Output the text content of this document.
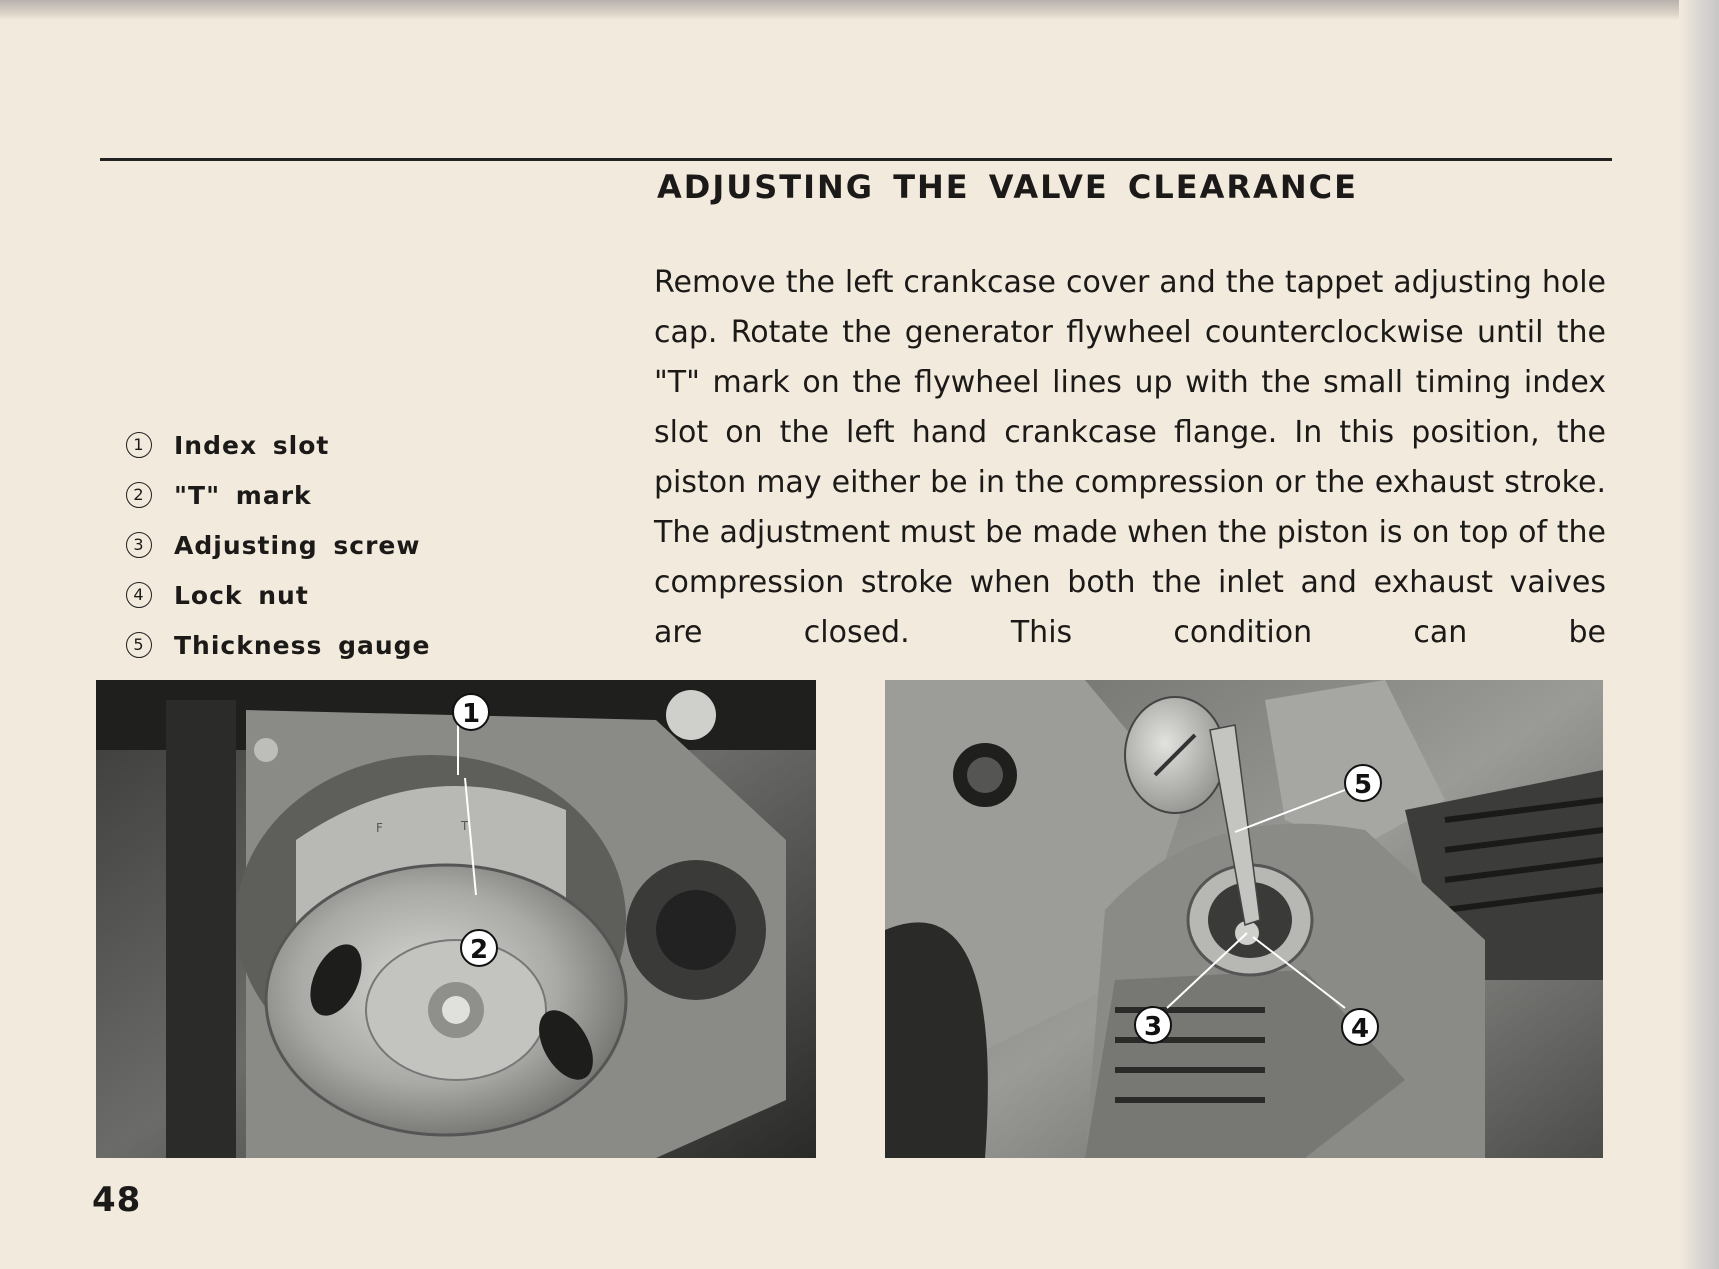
ADJUSTING THE VALVE CLEARANCE

Remove the left crankcase cover and the tappet adjusting hole cap. Rotate the generator flywheel counterclockwise until the "T" mark on the flywheel lines up with the small timing index slot on the left hand crankcase flange. In this position, the piston may either be in the compression or the exhaust stroke. The adjustment must be made when the piston is on top of the compression stroke when both the inlet and exhaust vaives are closed. This condition can be

1 Index slot
2 "T" mark
3 Adjusting screw
4 Lock nut
5 Thickness gauge
T
F
1
2
3	4
5
48
